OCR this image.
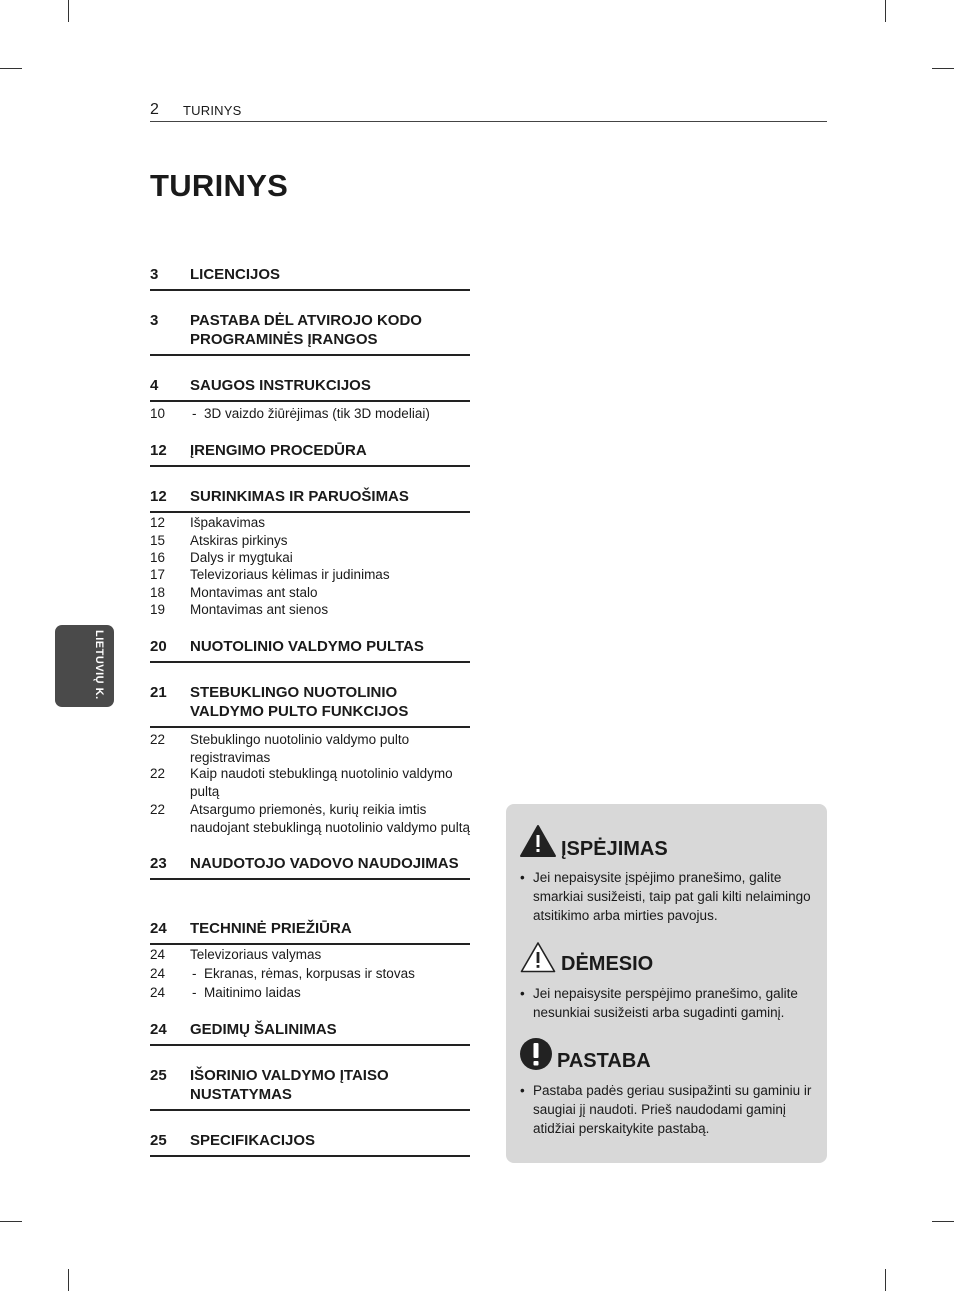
2 TURINYS
TURINYS
LIETUVIŲ K.
3 LICENCIJOS
3 PASTABA DĖL ATVIROJO KODO PROGRAMINĖS ĮRANGOS
4 SAUGOS INSTRUKCIJOS
10	- 3D vaizdo žiūrėjimas (tik 3D modeliai)
12 ĮRENGIMO PROCEDŪRA
12 SURINKIMAS IR PARUOŠIMAS
12 Išpakavimas
15 Atskiras pirkinys
16 Dalys ir mygtukai
17 Televizoriaus kėlimas ir judinimas
18 Montavimas ant stalo
19 Montavimas ant sienos
20 NUOTOLINIO VALDYMO PULTAS
21 STEBUKLINGO NUOTOLINIO VALDYMO PULTO FUNKCIJOS
22 Stebuklingo nuotolinio valdymo pulto registravimas
22 Kaip naudoti stebuklingą nuotolinio valdymo pultą
22 Atsargumo priemonės, kurių reikia imtis naudojant stebuklingą nuotolinio valdymo pultą
23 NAUDOTOJO VADOVO NAUDOJIMAS
24 TECHNINĖ PRIEŽIŪRA
24 Televizoriaus valymas
24	- Ekranas, rėmas, korpusas ir stovas
24	- Maitinimo laidas
24 GEDIMŲ ŠALINIMAS
25 IŠORINIO VALDYMO ĮTAISO NUSTATYMAS
25 SPECIFIKACIJOS
ĮSPĖJIMAS
• Jei nepaisysite įspėjimo pranešimo, galite smarkiai susižeisti, taip pat gali kilti nelaimingo atsitikimo arba mirties pavojus.
DĖMESIO
• Jei nepaisysite perspėjimo pranešimo, galite nesunkiai susižeisti arba sugadinti gaminį.
PASTABA
• Pastaba padės geriau susipažinti su gaminiu ir saugiai jį naudoti. Prieš naudodami gaminį atidžiai perskaitykite pastabą.
